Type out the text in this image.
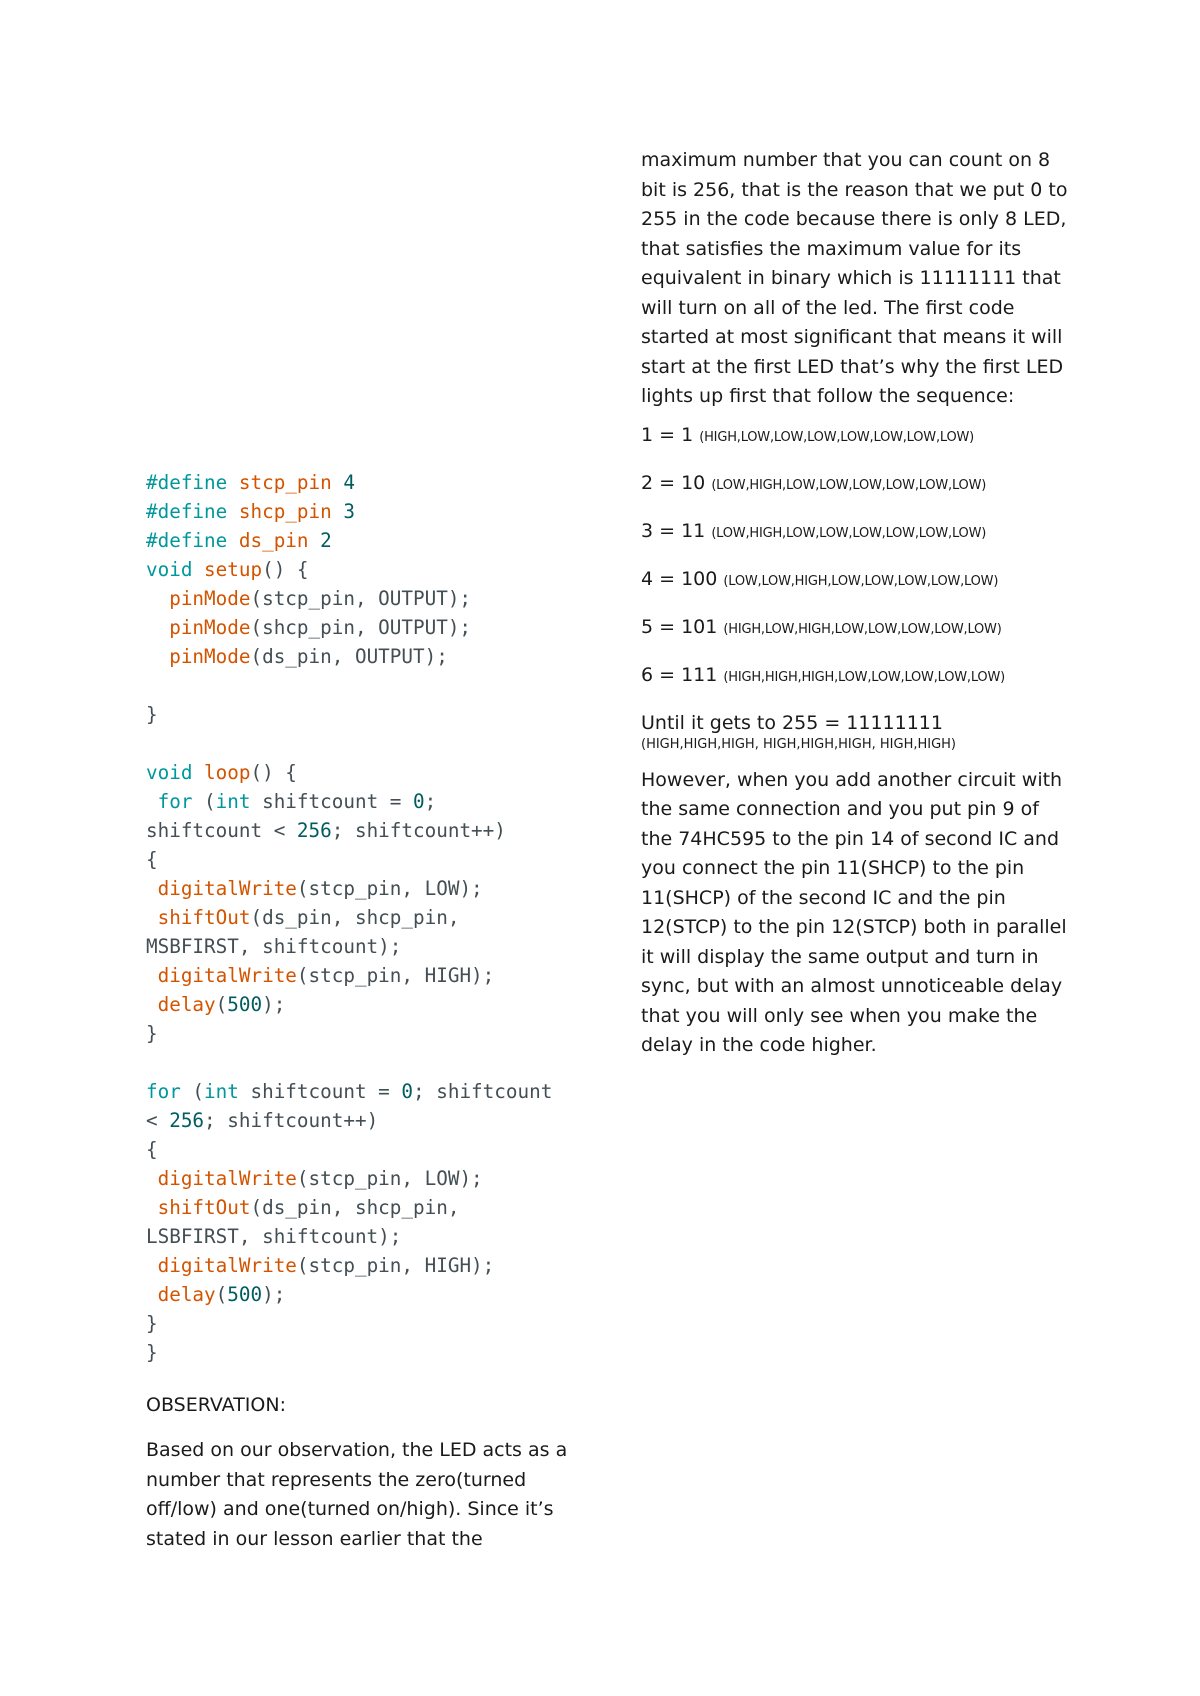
#define stcp_pin 4
#define shcp_pin 3
#define ds_pin 2
void setup() {
pinMode(stcp_pin, OUTPUT);
pinMode(shcp_pin, OUTPUT);
pinMode(ds_pin, OUTPUT);

}

void loop() {
for (int shiftcount = 0;
shiftcount < 256; shiftcount++)
{
digitalWrite(stcp_pin, LOW);
shiftOut(ds_pin, shcp_pin,
MSBFIRST, shiftcount);
digitalWrite(stcp_pin, HIGH);
delay(500);
}

for (int shiftcount = 0; shiftcount
< 256; shiftcount++)
{
digitalWrite(stcp_pin, LOW);
shiftOut(ds_pin, shcp_pin,
LSBFIRST, shiftcount);
digitalWrite(stcp_pin, HIGH);
delay(500);
}
}
OBSERVATION:

Based on our observation, the LED acts as a number that represents the zero(turned off/low) and one(turned on/high). Since it’s stated in our lesson earlier that the

maximum number that you can count on 8 bit is 256, that is the reason that we put 0 to 255 in the code because there is only 8 LED, that satisfies the maximum value for its equivalent in binary which is 11111111 that will turn on all of the led. The first code started at most significant that means it will start at the first LED that’s why the first LED lights up first that follow the sequence:

1 = 1 (HIGH,LOW,LOW,LOW,LOW,LOW,LOW,LOW)

2 = 10 (LOW,HIGH,LOW,LOW,LOW,LOW,LOW,LOW)

3 = 11 (LOW,HIGH,LOW,LOW,LOW,LOW,LOW,LOW)

4 = 100 (LOW,LOW,HIGH,LOW,LOW,LOW,LOW,LOW)

5 = 101 (HIGH,LOW,HIGH,LOW,LOW,LOW,LOW,LOW)

6 = 111 (HIGH,HIGH,HIGH,LOW,LOW,LOW,LOW,LOW)

Until it gets to 255 = 11111111
(HIGH,HIGH,HIGH, HIGH,HIGH,HIGH, HIGH,HIGH)

However, when you add another circuit with the same connection and you put pin 9 of the 74HC595 to the pin 14 of second IC and you connect the pin 11(SHCP) to the pin 11(SHCP) of the second IC and the pin 12(STCP) to the pin 12(STCP) both in parallel it will display the same output and turn in sync, but with an almost unnoticeable delay that you will only see when you make the delay in the code higher.
